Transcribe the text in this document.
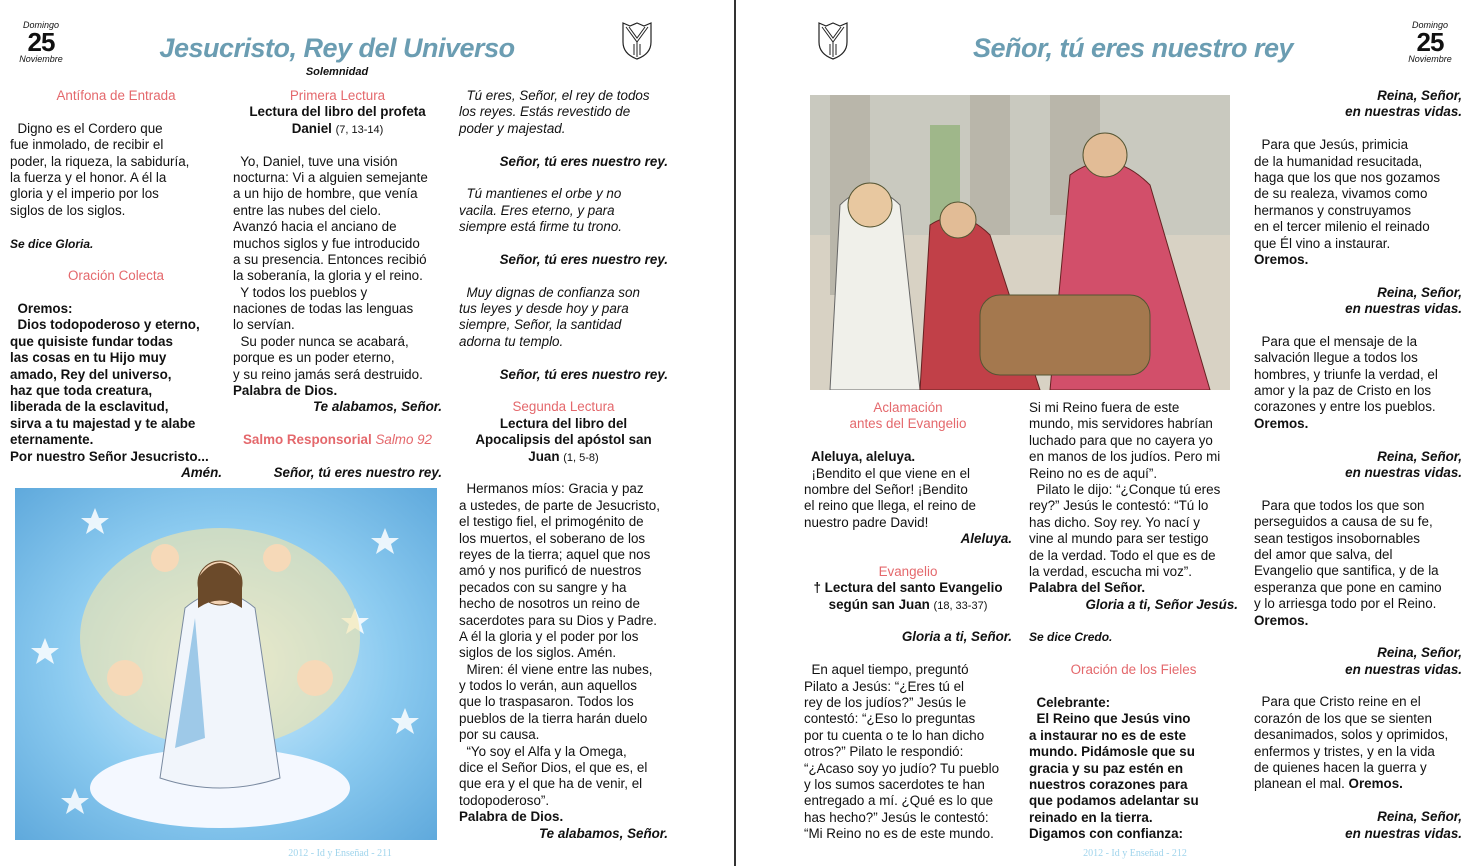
Domingo
25
Noviembre	Jesucristo, Rey del Universo
Solemnidad
Señor, tú eres nuestro rey
Domingo
25
Noviembre
Antífona de Entrada
Digno es el Cordero que
fue inmolado, de recibir el
poder, la riqueza, la sabiduría,
la fuerza y el honor. A él la
gloria y el imperio por los
siglos de los siglos.
Se dice Gloria.
Oración Colecta
Oremos:
Dios todopoderoso y eterno,
que quisiste fundar todas
las cosas en tu Hijo muy
amado, Rey del universo,
haz que toda creatura,
liberada de la esclavitud,
sirva a tu majestad y te alabe
eternamente.
Por nuestro Señor Jesucristo...
Amén.
Primera Lectura
Lectura del libro del profeta
Daniel (7, 13-14)
Yo, Daniel, tuve una visión
nocturna: Vi a alguien semejante
a un hijo de hombre, que venía
entre las nubes del cielo.
Avanzó hacia el anciano de
muchos siglos y fue introducido
a su presencia. Entonces recibió
la soberanía, la gloria y el reino.
Y todos los pueblos y
naciones de todas las lenguas
lo servían.
Su poder nunca se acabará,
porque es un poder eterno,
y su reino jamás será destruido.
Palabra de Dios.
Te alabamos, Señor.
Salmo Responsorial Salmo 92
Señor, tú eres nuestro rey.
Tú eres, Señor, el rey de todos
los reyes. Estás revestido de
poder y majestad.
Señor, tú eres nuestro rey.
Tú mantienes el orbe y no
vacila. Eres eterno, y para
siempre está firme tu trono.
Señor, tú eres nuestro rey.
Muy dignas de confianza son
tus leyes y desde hoy y para
siempre, Señor, la santidad
adorna tu templo.
Señor, tú eres nuestro rey.
Segunda Lectura
Lectura del libro del
Apocalipsis del apóstol san
Juan (1, 5-8)
Hermanos míos: Gracia y paz
a ustedes, de parte de Jesucristo,
el testigo fiel, el primogénito de
los muertos, el soberano de los
reyes de la tierra; aquel que nos
amó y nos purificó de nuestros
pecados con su sangre y ha
hecho de nosotros un reino de
sacerdotes para su Dios y Padre.
A él la gloria y el poder por los
siglos de los siglos. Amén.
Miren: él viene entre las nubes,
y todos lo verán, aun aquellos
que lo traspasaron. Todos los
pueblos de la tierra harán duelo
por su causa.
“Yo soy el Alfa y la Omega,
dice el Señor Dios, el que es, el
que era y el que ha de venir, el
todopoderoso”.
Palabra de Dios.
Te alabamos, Señor.
Aclamación
antes del Evangelio
Aleluya, aleluya.
¡Bendito el que viene en el
nombre del Señor! ¡Bendito
el reino que llega, el reino de
nuestro padre David!
Aleluya.
Evangelio
† Lectura del santo Evangelio
según san Juan (18, 33-37)
Gloria a ti, Señor.
En aquel tiempo, preguntó
Pilato a Jesús: “¿Eres tú el
rey de los judíos?” Jesús le
contestó: “¿Eso lo preguntas
por tu cuenta o te lo han dicho
otros?” Pilato le respondió:
“¿Acaso soy yo judío? Tu pueblo
y los sumos sacerdotes te han
entregado a mí. ¿Qué es lo que
has hecho?” Jesús le contestó:
“Mi Reino no es de este mundo.
Si mi Reino fuera de este
mundo, mis servidores habrían
luchado para que no cayera yo
en manos de los judíos. Pero mi
Reino no es de aquí”.
Pilato le dijo: “¿Conque tú eres
rey?” Jesús le contestó: “Tú lo
has dicho. Soy rey. Yo nací y
vine al mundo para ser testigo
de la verdad. Todo el que es de
la verdad, escucha mi voz”.
Palabra del Señor.
Gloria a ti, Señor Jesús.
Se dice Credo.
Oración de los Fieles
Celebrante:
El Reino que Jesús vino
a instaurar no es de este
mundo. Pidámosle que su
gracia y su paz estén en
nuestros corazones para
que podamos adelantar su
reinado en la tierra.
Digamos con confianza:
Reina, Señor,
en nuestras vidas.
Para que Jesús, primicia
de la humanidad resucitada,
haga que los que nos gozamos
de su realeza, vivamos como
hermanos y construyamos
en el tercer milenio el reinado
que Él vino a instaurar.
Oremos.
Reina, Señor,
en nuestras vidas.
Para que el mensaje de la
salvación llegue a todos los
hombres, y triunfe la verdad, el
amor y la paz de Cristo en los
corazones y entre los pueblos.
Oremos.
Reina, Señor,
en nuestras vidas.
Para que todos los que son
perseguidos a causa de su fe,
sean testigos insobornables
del amor que salva, del
Evangelio que santifica, y de la
esperanza que pone en camino
y lo arriesga todo por el Reino.
Oremos.
Reina, Señor,
en nuestras vidas.
Para que Cristo reine en el
corazón de los que se sienten
desanimados, solos y oprimidos,
enfermos y tristes, y en la vida
de quienes hacen la guerra y
planean el mal. Oremos.
Reina, Señor,
en nuestras vidas.
2012 - Id y Enseñad - 211	2012 - Id y Enseñad - 212
